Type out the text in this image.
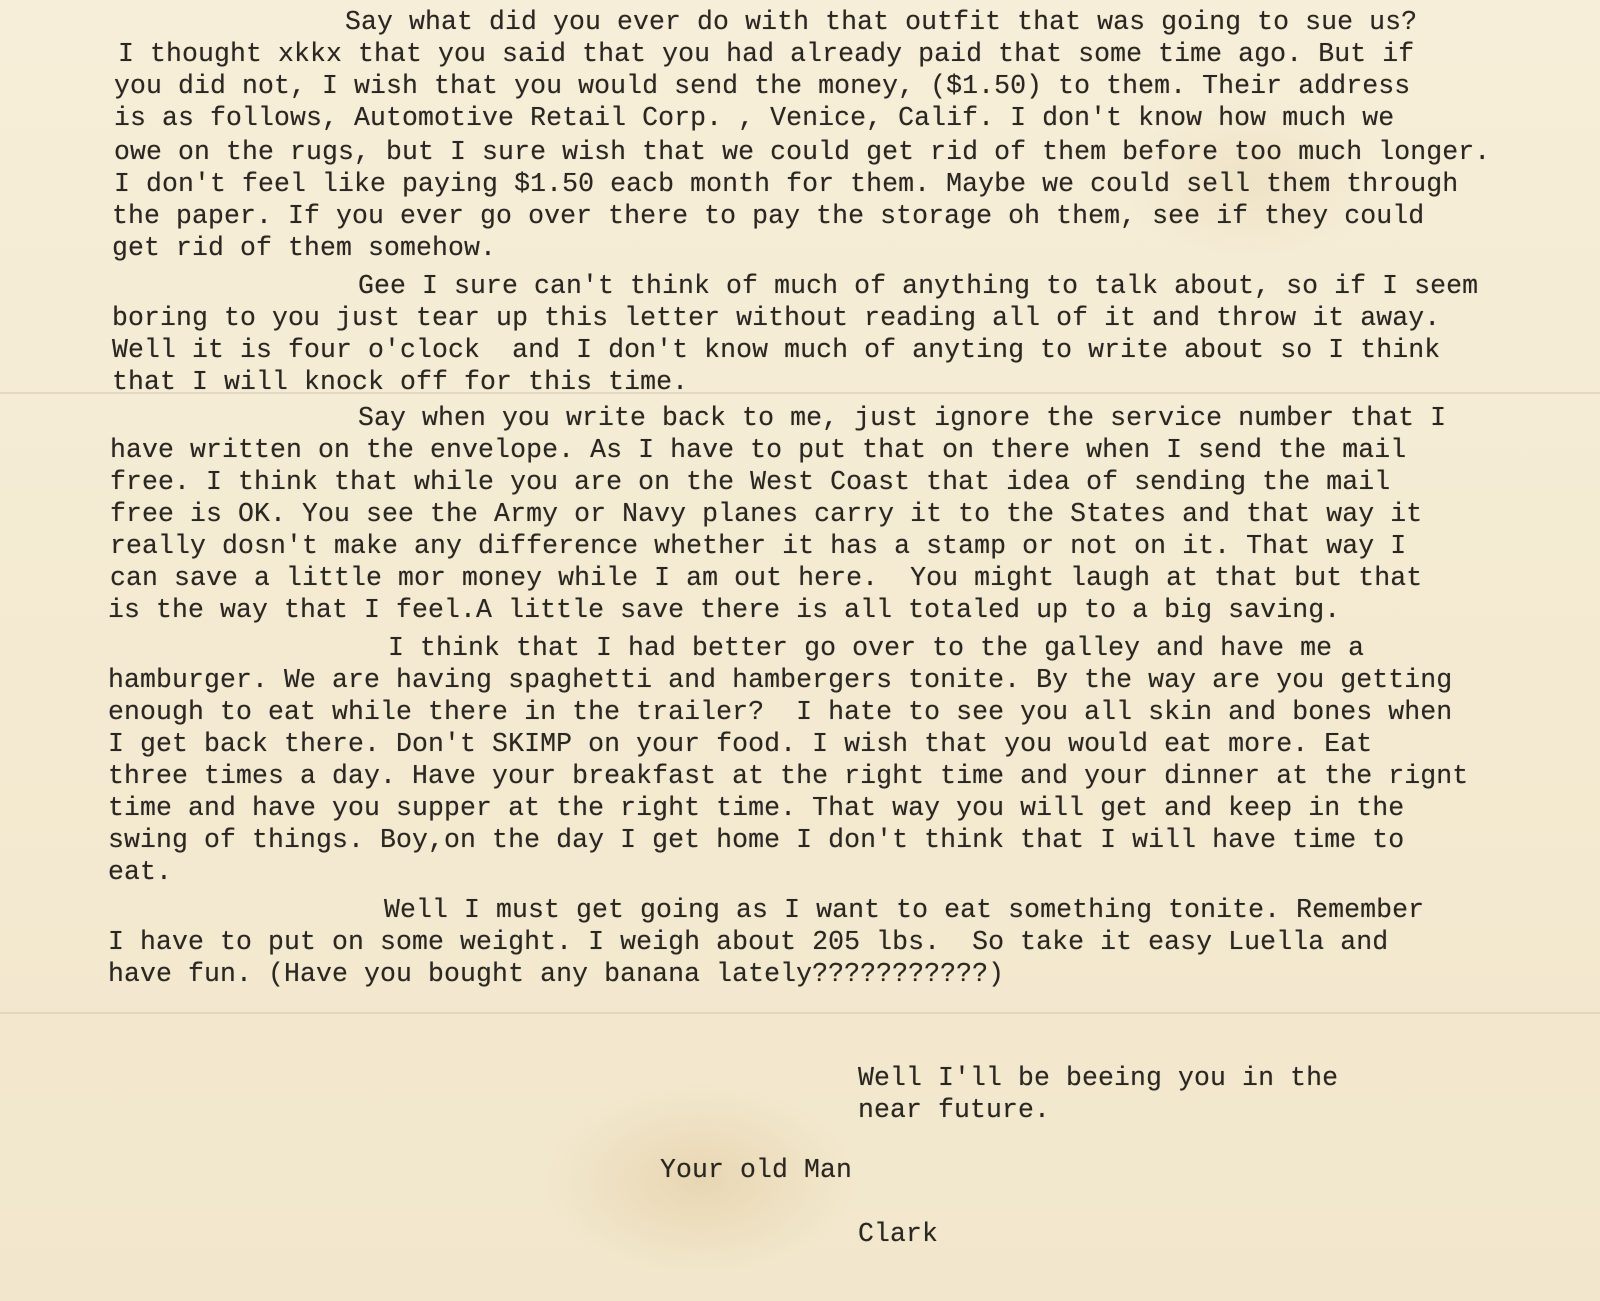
Say what did you ever do with that outfit that was going to sue us?

I thought xkkx that you said that you had already paid that some time ago. But if

you did not, I wish that you would send the money, ($1.50) to them. Their address

is as follows, Automotive Retail Corp. , Venice, Calif. I don't know how much we

owe on the rugs, but I sure wish that we could get rid of them before too much longer.

I don't feel like paying $1.50 eacb month for them. Maybe we could sell them through

the paper. If you ever go over there to pay the storage oh them, see if they could

get rid of them somehow.

Gee I sure can't think of much of anything to talk about, so if I seem

boring to you just tear up this letter without reading all of it and throw it away.

Well it is four o'clock  and I don't know much of anyting to write about so I think

that I will knock off for this time.

Say when you write back to me, just ignore the service number that I

have written on the envelope. As I have to put that on there when I send the mail

free. I think that while you are on the West Coast that idea of sending the mail

free is OK. You see the Army or Navy planes carry it to the States and that way it

really dosn't make any difference whether it has a stamp or not on it. That way I

can save a little mor money while I am out here.  You might laugh at that but that

is the way that I feel.A little save there is all totaled up to a big saving.

I think that I had better go over to the galley and have me a

hamburger. We are having spaghetti and hambergers tonite. By the way are you getting

enough to eat while there in the trailer?  I hate to see you all skin and bones when

I get back there. Don't SKIMP on your food. I wish that you would eat more. Eat

three times a day. Have your breakfast at the right time and your dinner at the rignt

time and have you supper at the right time. That way you will get and keep in the

swing of things. Boy,on the day I get home I don't think that I will have time to

eat.

Well I must get going as I want to eat something tonite. Remember

I have to put on some weight. I weigh about 205 lbs.  So take it easy Luella and

have fun. (Have you bought any banana lately???????????)

Well I'll be beeing you in the

near future.

Your old Man

Clark
